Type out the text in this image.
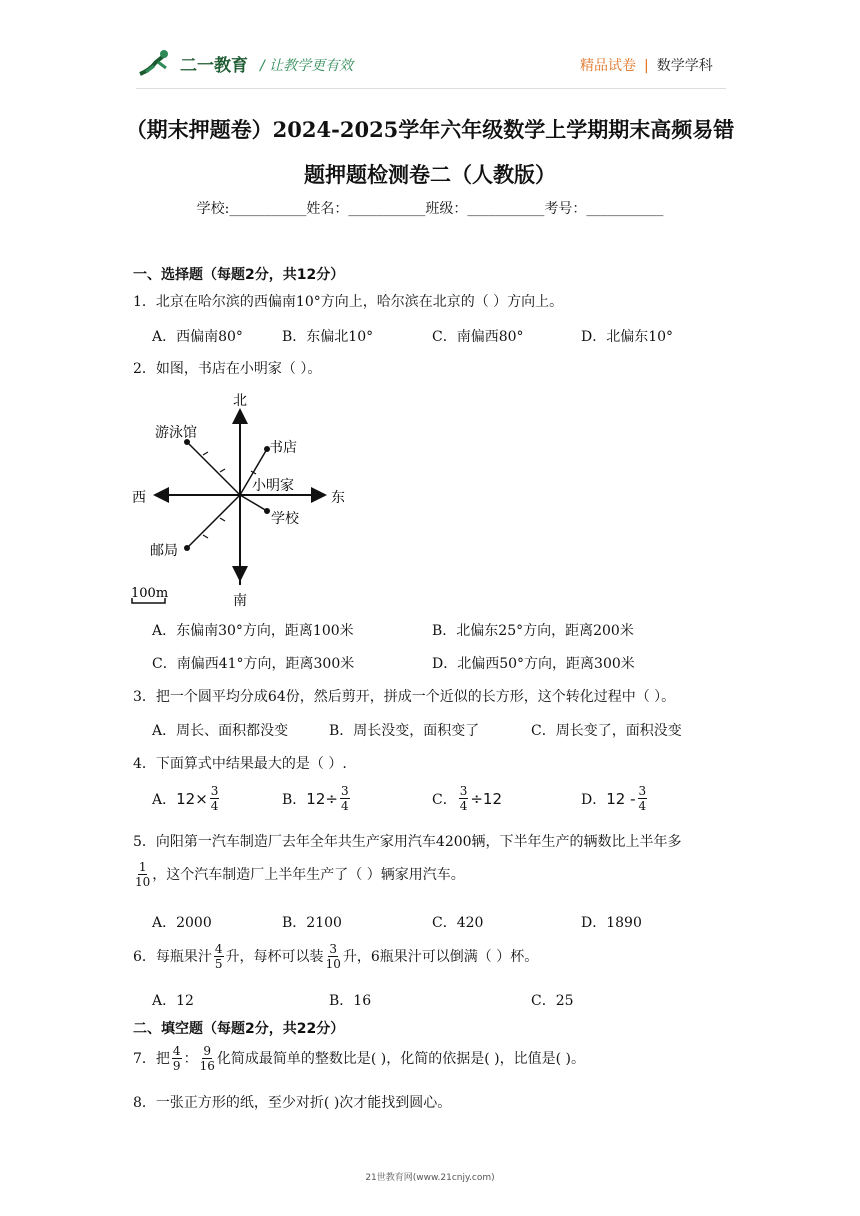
二一教育 / 让教学更有效	精品试卷 | 数学学科
（期末押题卷）2024-2025学年六年级数学上学期期末高频易错
题押题检测卷二（人教版）
学校:___________姓名：___________班级：___________考号：___________
一、选择题（每题2分，共12分）
1．北京在哈尔滨的西偏南10°方向上，哈尔滨在北京的（ ）方向上。
A．西偏南80°	B．东偏北10°	C．南偏西80°	D．北偏东10°
2．如图，书店在小明家（ ）。
北
南
东
西
游泳馆
书店
小明家
学校
邮局
100m
A．东偏南30°方向，距离100米	B．北偏东25°方向，距离200米
C．南偏西41°方向，距离300米	D．北偏西50°方向，距离300米
3．把一个圆平均分成64份，然后剪开，拼成一个近似的长方形，这个转化过程中（ ）。
A．周长、面积都没变	B．周长没变，面积变了	C．周长变了，面积没变
4．下面算式中结果最大的是（ ）.
A． $12\times \frac{3}{4}$	B． $12\div \frac{3}{4}$	C． $\frac{3}{4} \div 12$	D． $12 - \frac{3}{4}$
5．向阳第一汽车制造厂去年全年共生产家用汽车4200辆，下半年生产的辆数比上半年多
$\frac{1}{10}$ ，这个汽车制造厂上半年生产了（ ）辆家用汽车。
A．2000	B．2100	C．420	D．1890
6．每瓶果汁 $\frac{4}{5}$ 升，每杯可以装 $\frac{3}{10}$ 升，6瓶果汁可以倒满（ ）杯。
A．12	B．16	C．25
二、填空题（每题2分，共22分）
7．把 $\frac{4}{9}$ ： $\frac{9}{16}$ 化简成最简单的整数比是( )，化简的依据是( )，比值是( )。
8．一张正方形的纸，至少对折( )次才能找到圆心。
21世教育网(www.21cnjy.com)
